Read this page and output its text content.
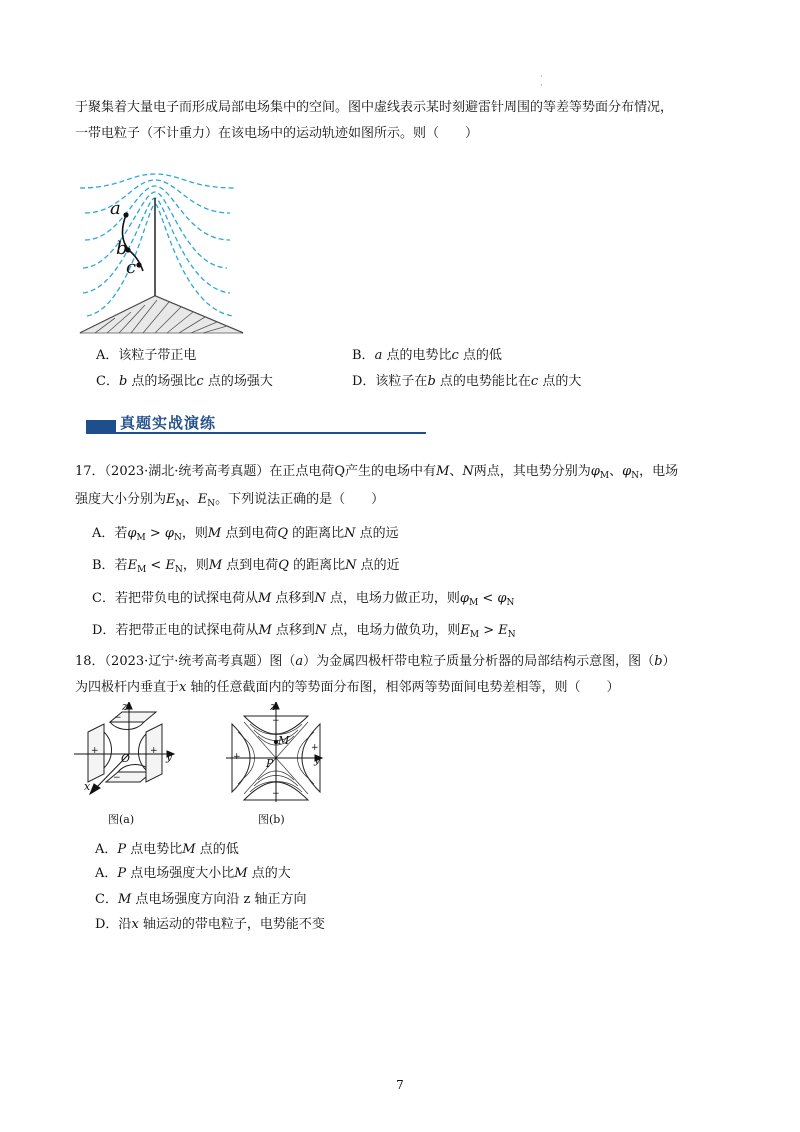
·
·
于聚集着大量电子而形成局部电场集中的空间。图中虚线表示某时刻避雷针周围的等差等势面分布情况，
一带电粒子（不计重力）在该电场中的运动轨迹如图所示。则（　　）
a
b
c
A．该粒子带正电	B．a 点的电势比c 点的低
C．b 点的场强比c 点的场强大	D．该粒子在b 点的电势能比在c 点的大
真题实战演练
17．（2023·湖北·统考高考真题）在正点电荷Q产生的电场中有M、N两点，其电势分别为$\varphi_M$、$\varphi_N$，电场
强度大小分别为$E_M$、$E_N$。下列说法正确的是（　　）
A．若$\varphi_M > \varphi_N$，则M 点到电荷Q 的距离比N 点的远
B．若$E_M < E_N$，则M 点到电荷Q 的距离比N 点的近
C．若把带负电的试探电荷从M 点移到N 点，电场力做正功，则$\varphi_M < \varphi_N$
D．若把带正电的试探电荷从M 点移到N 点，电场力做负功，则$E_M > E_N$
18．（2023·辽宁·统考高考真题）图（a）为金属四极杆带电粒子质量分析器的局部结构示意图，图（b）
为四极杆内垂直于x 轴的任意截面内的等势面分布图，相邻两等势面间电势差相等，则（　　）
z
y
x
O
−
−
+	+
图(a)
z
y
M
P
+
+
−
−
图(b)
A．P 点电势比M 点的低
A．P 点电场强度大小比M 点的大
C．M 点电场强度方向沿 z 轴正方向
D．沿x 轴运动的带电粒子，电势能不变
7
